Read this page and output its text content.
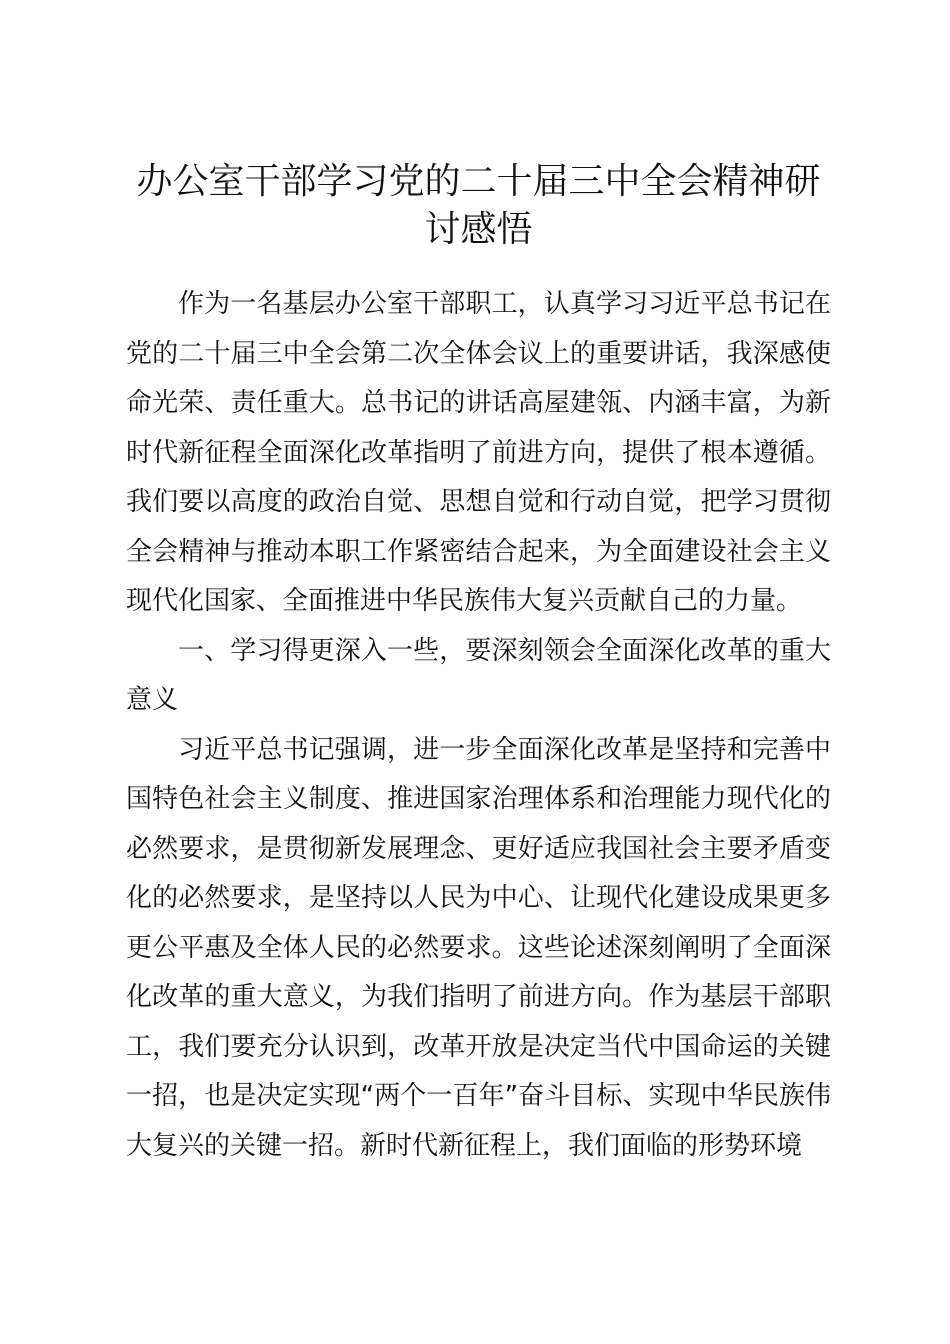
办公室干部学习党的二十届三中全会精神研讨感悟

作为一名基层办公室干部职工，认真学习习近平总书记在党的二十届三中全会第二次全体会议上的重要讲话，我深感使命光荣、责任重大。总书记的讲话高屋建瓴、内涵丰富，为新时代新征程全面深化改革指明了前进方向，提供了根本遵循。我们要以高度的政治自觉、思想自觉和行动自觉，把学习贯彻全会精神与推动本职工作紧密结合起来，为全面建设社会主义现代化国家、全面推进中华民族伟大复兴贡献自己的力量。

一、学习得更深入一些，要深刻领会全面深化改革的重大意义

习近平总书记强调，进一步全面深化改革是坚持和完善中国特色社会主义制度、推进国家治理体系和治理能力现代化的必然要求，是贯彻新发展理念、更好适应我国社会主要矛盾变化的必然要求，是坚持以人民为中心、让现代化建设成果更多更公平惠及全体人民的必然要求。这些论述深刻阐明了全面深化改革的重大意义，为我们指明了前进方向。作为基层干部职工，我们要充分认识到，改革开放是决定当代中国命运的关键一招，也是决定实现“两个一百年”奋斗目标、实现中华民族伟大复兴的关键一招。新时代新征程上，我们面临的形势环境
